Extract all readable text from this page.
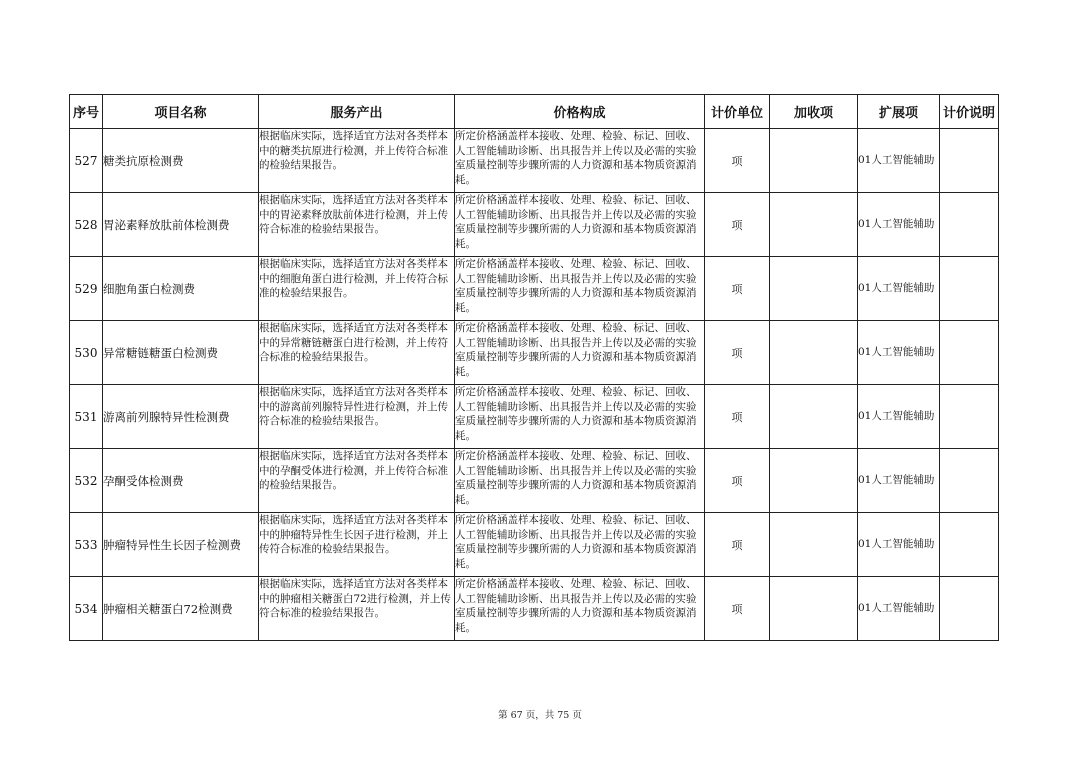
序号	项目名称	服务产出	价格构成	计价单位	加收项	扩展项	计价说明
527	糖类抗原检测费	根据临床实际，选择适宜方法对各类样本中的糖类抗原进行检测，并上传符合标准的检验结果报告。	所定价格涵盖样本接收、处理、检验、标记、回收、人工智能辅助诊断、出具报告并上传以及必需的实验室质量控制等步骤所需的人力资源和基本物质资源消耗。	项		01人工智能辅助	
528	胃泌素释放肽前体检测费	根据临床实际，选择适宜方法对各类样本中的胃泌素释放肽前体进行检测，并上传符合标准的检验结果报告。	所定价格涵盖样本接收、处理、检验、标记、回收、人工智能辅助诊断、出具报告并上传以及必需的实验室质量控制等步骤所需的人力资源和基本物质资源消耗。	项		01人工智能辅助	
529	细胞角蛋白检测费	根据临床实际，选择适宜方法对各类样本中的细胞角蛋白进行检测，并上传符合标准的检验结果报告。	所定价格涵盖样本接收、处理、检验、标记、回收、人工智能辅助诊断、出具报告并上传以及必需的实验室质量控制等步骤所需的人力资源和基本物质资源消耗。	项		01人工智能辅助	
530	异常糖链糖蛋白检测费	根据临床实际，选择适宜方法对各类样本中的异常糖链糖蛋白进行检测，并上传符合标准的检验结果报告。	所定价格涵盖样本接收、处理、检验、标记、回收、人工智能辅助诊断、出具报告并上传以及必需的实验室质量控制等步骤所需的人力资源和基本物质资源消耗。	项		01人工智能辅助	
531	游离前列腺特异性检测费	根据临床实际，选择适宜方法对各类样本中的游离前列腺特异性进行检测，并上传符合标准的检验结果报告。	所定价格涵盖样本接收、处理、检验、标记、回收、人工智能辅助诊断、出具报告并上传以及必需的实验室质量控制等步骤所需的人力资源和基本物质资源消耗。	项		01人工智能辅助	
532	孕酮受体检测费	根据临床实际，选择适宜方法对各类样本中的孕酮受体进行检测，并上传符合标准的检验结果报告。	所定价格涵盖样本接收、处理、检验、标记、回收、人工智能辅助诊断、出具报告并上传以及必需的实验室质量控制等步骤所需的人力资源和基本物质资源消耗。	项		01人工智能辅助	
533	肿瘤特异性生长因子检测费	根据临床实际，选择适宜方法对各类样本中的肿瘤特异性生长因子进行检测，并上传符合标准的检验结果报告。	所定价格涵盖样本接收、处理、检验、标记、回收、人工智能辅助诊断、出具报告并上传以及必需的实验室质量控制等步骤所需的人力资源和基本物质资源消耗。	项		01人工智能辅助	
534	肿瘤相关糖蛋白72检测费	根据临床实际，选择适宜方法对各类样本中的肿瘤相关糖蛋白72进行检测，并上传符合标准的检验结果报告。	所定价格涵盖样本接收、处理、检验、标记、回收、人工智能辅助诊断、出具报告并上传以及必需的实验室质量控制等步骤所需的人力资源和基本物质资源消耗。	项		01人工智能辅助	
第 67 页，共 75 页
